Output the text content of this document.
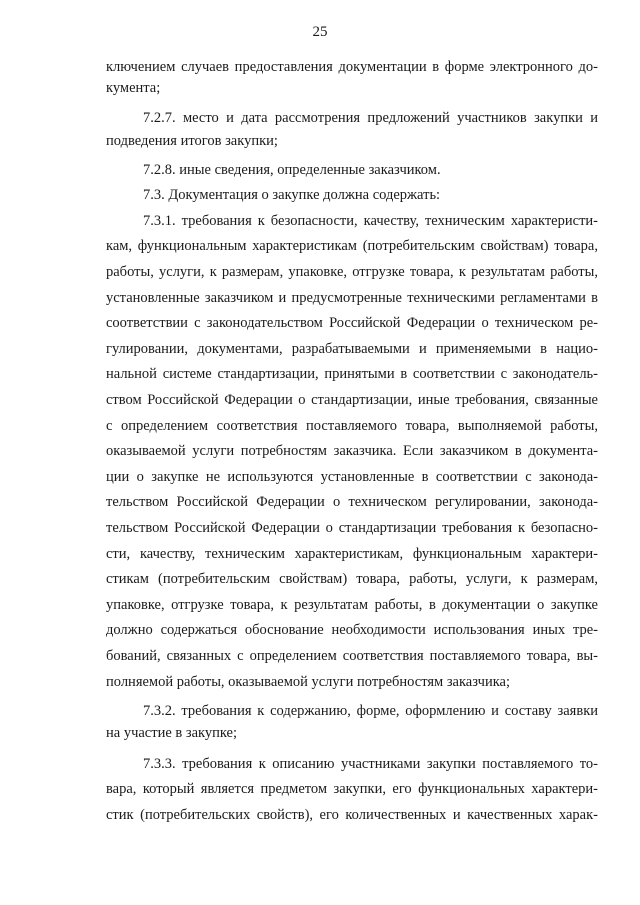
25
ключением случаев предоставления документации в форме электронного до-
кумента;
7.2.7. место и дата рассмотрения предложений участников закупки и
подведения итогов закупки;
7.2.8. иные сведения, определенные заказчиком.
7.3. Документация о закупке должна содержать:
7.3.1. требования к безопасности, качеству, техническим характеристи-
кам, функциональным характеристикам (потребительским свойствам) товара,
работы, услуги, к размерам, упаковке, отгрузке товара, к результатам работы,
установленные заказчиком и предусмотренные техническими регламентами в
соответствии с законодательством Российской Федерации о техническом ре-
гулировании, документами, разрабатываемыми и применяемыми в нацио-
нальной системе стандартизации, принятыми в соответствии с законодатель-
ством Российской Федерации о стандартизации, иные требования, связанные
с определением соответствия поставляемого товара, выполняемой работы,
оказываемой услуги потребностям заказчика. Если заказчиком в документа-
ции о закупке не используются установленные в соответствии с законода-
тельством Российской Федерации о техническом регулировании, законода-
тельством Российской Федерации о стандартизации требования к безопасно-
сти, качеству, техническим характеристикам, функциональным характери-
стикам (потребительским свойствам) товара, работы, услуги, к размерам,
упаковке, отгрузке товара, к результатам работы, в документации о закупке
должно содержаться обоснование необходимости использования иных тре-
бований, связанных с определением соответствия поставляемого товара, вы-
полняемой работы, оказываемой услуги потребностям заказчика;
7.3.2. требования к содержанию, форме, оформлению и составу заявки
на участие в закупке;
7.3.3. требования к описанию участниками закупки поставляемого то-
вара, который является предметом закупки, его функциональных характери-
стик (потребительских свойств), его количественных и качественных харак-
